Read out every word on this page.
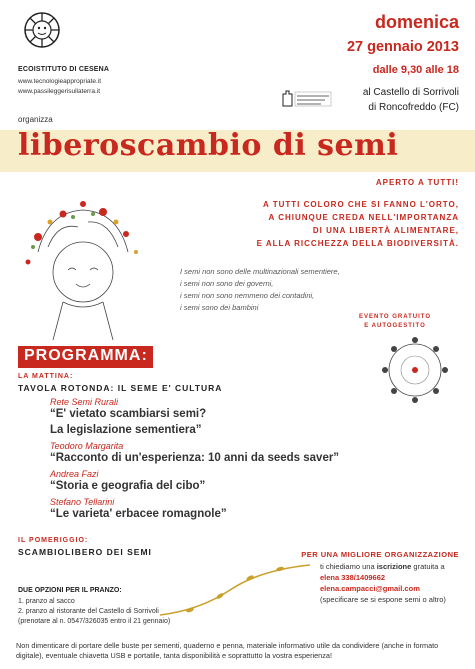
ECOISTITUTO DI CESENA
www.tecnologieappropriate.it
www.passileggerisullaterra.it
organizza
domenica
27 gennaio 2013
dalle 9,30 alle 18
al Castello di Sorrivoli
di Roncofreddo (FC)
liberoscambio di semi
APERTO A TUTTI!
A TUTTI COLORO CHE SI FANNO L'ORTO,
A CHIUNQUE CREDA NELL'IMPORTANZA
DI UNA LIBERTÀ ALIMENTARE,
E ALLA RICCHEZZA DELLA BIODIVERSITÀ.
I semi non sono delle multinazionali sementiere,
i semi non sono dei governi,
i semi non sono nemmeno dei contadini,
i semi sono dei bambini
EVENTO GRATUITO
E AUTOGESTITO
PROGRAMMA:
LA MATTINA:
TAVOLA ROTONDA: IL SEME E' CULTURA
Rete Semi Rurali
“E' vietato scambiarsi semi?
La legislazione sementiera”
Teodoro Margarita
“Racconto di un'esperienza: 10 anni da seeds saver”
Andrea Fazi
“Storia e geografia del cibo”
Stefano Tellarini
“Le varieta' erbacee romagnole”
IL POMERIGGIO:
SCAMBIOLIBERO DEI SEMI	PER UNA MIGLIORE ORGANIZZAZIONE
ti chiediamo una iscrizione gratuita a
elena 338/1409662
elena.campacci@gmail.com
(specificare se si espone semi o altro)
DUE OPZIONI PER IL PRANZO:
1. pranzo al sacco
2. pranzo al ristorante del Castello di Sorrivoli
(prenotare al n. 0547/326035 entro il 21 gennaio)
Non dimenticare di portare delle buste per sementi, quaderno e penna, materiale informativo utile da condividere (anche in formato digitale), eventuale chiavetta USB e portatile, tanta disponibilità e soprattutto la vostra esperienza!
